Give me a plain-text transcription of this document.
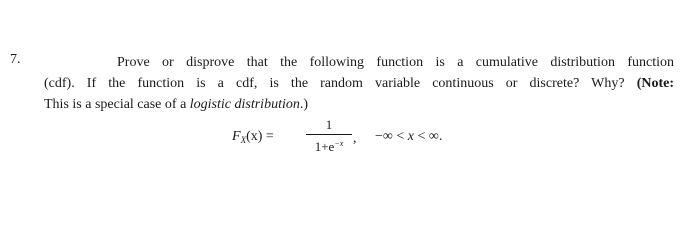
7.	Prove or disprove that the following function is a cumulative distribution function
(cdf). If the function is a cdf, is the random variable continuous or discrete? Why? (Note:
This is a special case of a logistic distribution.)
$F_X(x)$ =
1
$1+e^{-x}$ , −∞ < x < ∞.
